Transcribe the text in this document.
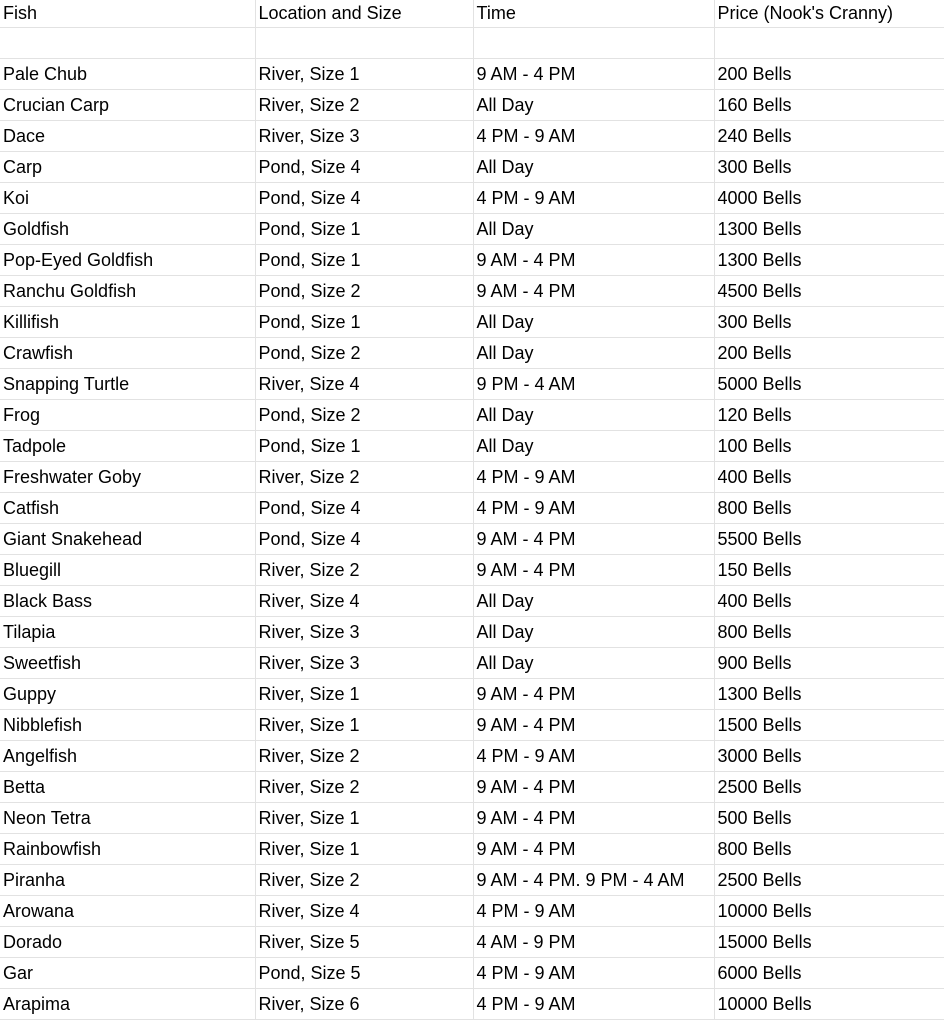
Fish	Location and Size	Time	Price (Nook's Cranny)

Pale Chub	River, Size 1	9 AM - 4 PM	200 Bells
Crucian Carp	River, Size 2	All Day	160 Bells
Dace	River, Size 3	4 PM - 9 AM	240 Bells
Carp	Pond, Size 4	All Day	300 Bells
Koi	Pond, Size 4	4 PM - 9 AM	4000 Bells
Goldfish	Pond, Size 1	All Day	1300 Bells
Pop-Eyed Goldfish	Pond, Size 1	9 AM - 4 PM	1300 Bells
Ranchu Goldfish	Pond, Size 2	9 AM - 4 PM	4500 Bells
Killifish	Pond, Size 1	All Day	300 Bells
Crawfish	Pond, Size 2	All Day	200 Bells
Snapping Turtle	River, Size 4	9 PM - 4 AM	5000 Bells
Frog	Pond, Size 2	All Day	120 Bells
Tadpole	Pond, Size 1	All Day	100 Bells
Freshwater Goby	River, Size 2	4 PM - 9 AM	400 Bells
Catfish	Pond, Size 4	4 PM - 9 AM	800 Bells
Giant Snakehead	Pond, Size 4	9 AM - 4 PM	5500 Bells
Bluegill	River, Size 2	9 AM - 4 PM	150 Bells
Black Bass	River, Size 4	All Day	400 Bells
Tilapia	River, Size 3	All Day	800 Bells
Sweetfish	River, Size 3	All Day	900 Bells
Guppy	River, Size 1	9 AM - 4 PM	1300 Bells
Nibblefish	River, Size 1	9 AM - 4 PM	1500 Bells
Angelfish	River, Size 2	4 PM - 9 AM	3000 Bells
Betta	River, Size 2	9 AM - 4 PM	2500 Bells
Neon Tetra	River, Size 1	9 AM - 4 PM	500 Bells
Rainbowfish	River, Size 1	9 AM - 4 PM	800 Bells
Piranha	River, Size 2	9 AM - 4 PM. 9 PM - 4 AM	2500 Bells
Arowana	River, Size 4	4 PM - 9 AM	10000 Bells
Dorado	River, Size 5	4 AM - 9 PM	15000 Bells
Gar	Pond, Size 5	4 PM - 9 AM	6000 Bells
Arapima	River, Size 6	4 PM - 9 AM	10000 Bells
